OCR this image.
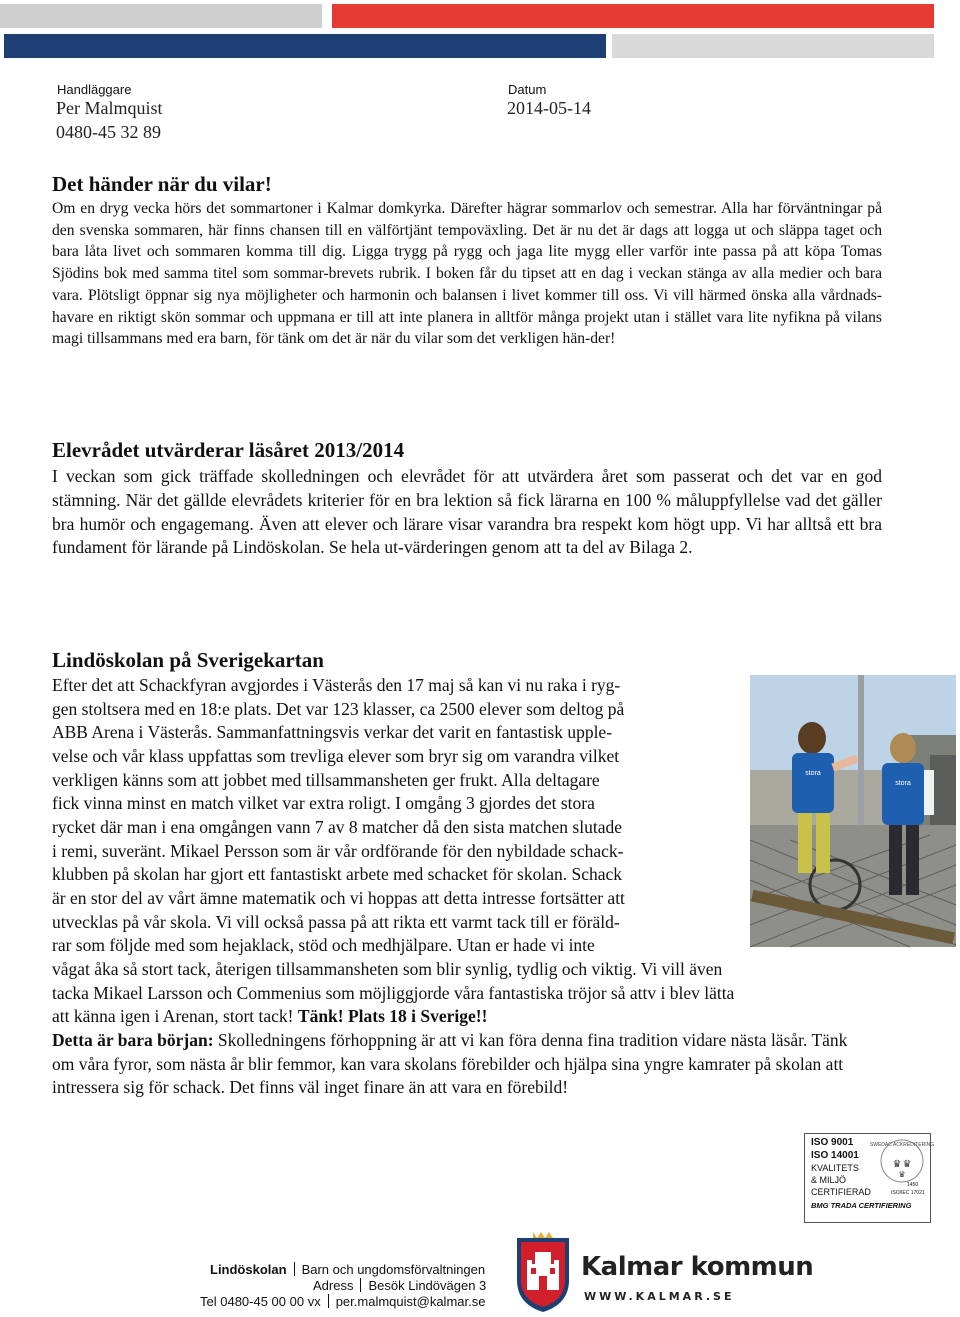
Handläggare
Per Malmquist
0480-45 32 89
Datum
2014-05-14
Det händer när du vilar!

Om en dryg vecka hörs det sommartoner i Kalmar domkyrka. Därefter hägrar sommarlov och semestrar. Alla har förväntningar på den svenska sommaren, här finns chansen till en välförtjänt tempoväxling. Det är nu det är dags att logga ut och släppa taget och bara låta livet och sommaren komma till dig. Ligga trygg på rygg och jaga lite mygg eller varför inte passa på att köpa Tomas Sjödins bok med samma titel som sommar-brevets rubrik. I boken får du tipset att en dag i veckan stänga av alla medier och bara vara. Plötsligt öppnar sig nya möjligheter och harmonin och balansen i livet kommer till oss. Vi vill härmed önska alla vårdnads-havare en riktigt skön sommar och uppmana er till att inte planera in alltför många projekt utan i stället vara lite nyfikna på vilans magi tillsammans med era barn, för tänk om det är när du vilar som det verkligen hän-der!

Elevrådet utvärderar läsåret 2013/2014

I veckan som gick träffade skolledningen och elevrådet för att utvärdera året som passerat och det var en god stämning. När det gällde elevrådets kriterier för en bra lektion så fick lärarna en 100 % måluppfyllelse vad det gäller bra humör och engagemang. Även att elever och lärare visar varandra bra respekt kom högt upp. Vi har alltså ett bra fundament för lärande på Lindöskolan. Se hela ut-värderingen genom att ta del av Bilaga 2.

Lindöskolan på Sverigekartan
Efter det att Schackfyran avgjordes i Västerås den 17 maj så kan vi nu raka i ryg-
gen stoltsera med en 18:e plats. Det var 123 klasser, ca 2500 elever som deltog på
ABB Arena i Västerås. Sammanfattningsvis verkar det varit en fantastisk upple-
velse och vår klass uppfattas som trevliga elever som bryr sig om varandra vilket
verkligen känns som att jobbet med tillsammansheten ger frukt. Alla deltagare
fick vinna minst en match vilket var extra roligt. I omgång 3 gjordes det stora
rycket där man i ena omgången vann 7 av 8 matcher då den sista matchen slutade
i remi, suveränt. Mikael Persson som är vår ordförande för den nybildade schack-
klubben på skolan har gjort ett fantastiskt arbete med schacket för skolan. Schack
är en stor del av vårt ämne matematik och vi hoppas att detta intresse fortsätter att
utvecklas på vår skola. Vi vill också passa på att rikta ett varmt tack till er föräld-
rar som följde med som hejaklack, stöd och medhjälpare. Utan er hade vi inte
vågat åka så stort tack, återigen tillsammansheten som blir synlig, tydlig och viktig. Vi vill även
tacka Mikael Larsson och Commenius som möjliggjorde våra fantastiska tröjor så attv i blev lätta
att känna igen i Arenan, stort tack! Tänk! Plats 18 i Sverige!!
Detta är bara början: Skolledningens förhoppning är att vi kan föra denna fina tradition vidare nästa läsår. Tänk om våra fyror, som nästa år blir femmor, kan vara skolans förebilder och hjälpa sina yngre kamrater på skolan att intressera sig för schack. Det finns väl inget finare än att vara en förebild!
stora
stora
ISO 9001
ISO 14001
KVALITETS
& MILJÖ
CERTIFIERAD
BMG TRADA CERTIFIERING
SWEDAC ACKREDITERING
♛ ♛
♛
1450
ISO/IEC 17021
Lindöskolan Barn och ungdomsförvaltningen
Adress Besök Lindövägen 3
Tel 0480-45 00 00 vx per.malmquist@kalmar.se
Kalmar kommun
WWW.KALMAR.SE
